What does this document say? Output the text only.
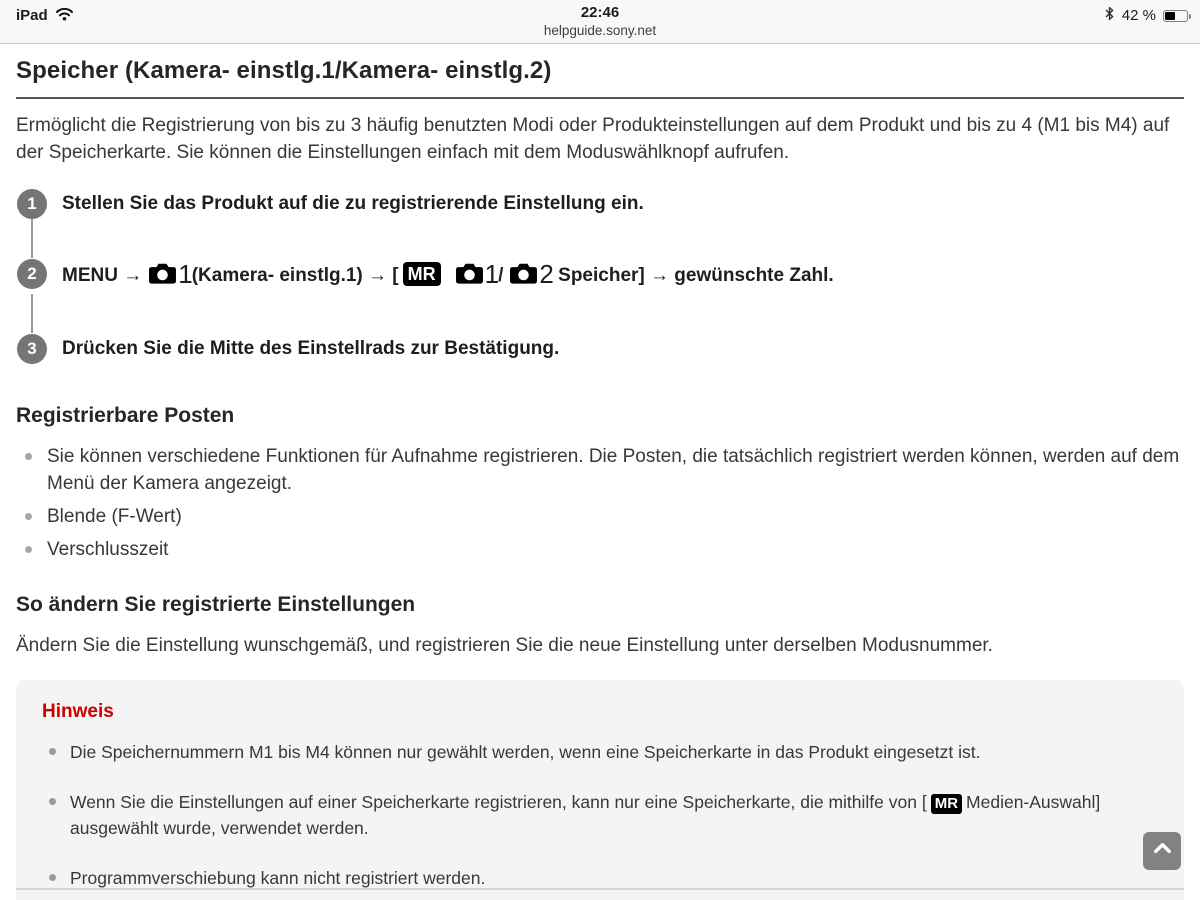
iPad	22:46
helpguide.sony.net
42 %
Speicher (Kamera- einstlg.1/Kamera- einstlg.2)

Ermöglicht die Registrierung von bis zu 3 häufig benutzten Modi oder Produkteinstellungen auf dem Produkt und bis zu 4 (M1 bis M4) auf der Speicherkarte. Sie können die Einstellungen einfach mit dem Moduswählknopf aufrufen.

1	Stellen Sie das Produkt auf die zu registrierende Einstellung ein.
2	MENU → 1(Kamera- einstlg.1) → [ MR 1/ 2 Speicher] → gewünschte Zahl.
3	Drücken Sie die Mitte des Einstellrads zur Bestätigung.
Registrierbare Posten
Sie können verschiedene Funktionen für Aufnahme registrieren. Die Posten, die tatsächlich registriert werden können, werden auf dem Menü der Kamera angezeigt.
Blende (F-Wert)
Verschlusszeit
So ändern Sie registrierte Einstellungen

Ändern Sie die Einstellung wunschgemäß, und registrieren Sie die neue Einstellung unter derselben Modusnummer.

Hinweis
Die Speichernummern M1 bis M4 können nur gewählt werden, wenn eine Speicherkarte in das Produkt eingesetzt ist.
Wenn Sie die Einstellungen auf einer Speicherkarte registrieren, kann nur eine Speicherkarte, die mithilfe von [ MR Medien-Auswahl] ausgewählt wurde, verwendet werden.
Programmverschiebung kann nicht registriert werden.
